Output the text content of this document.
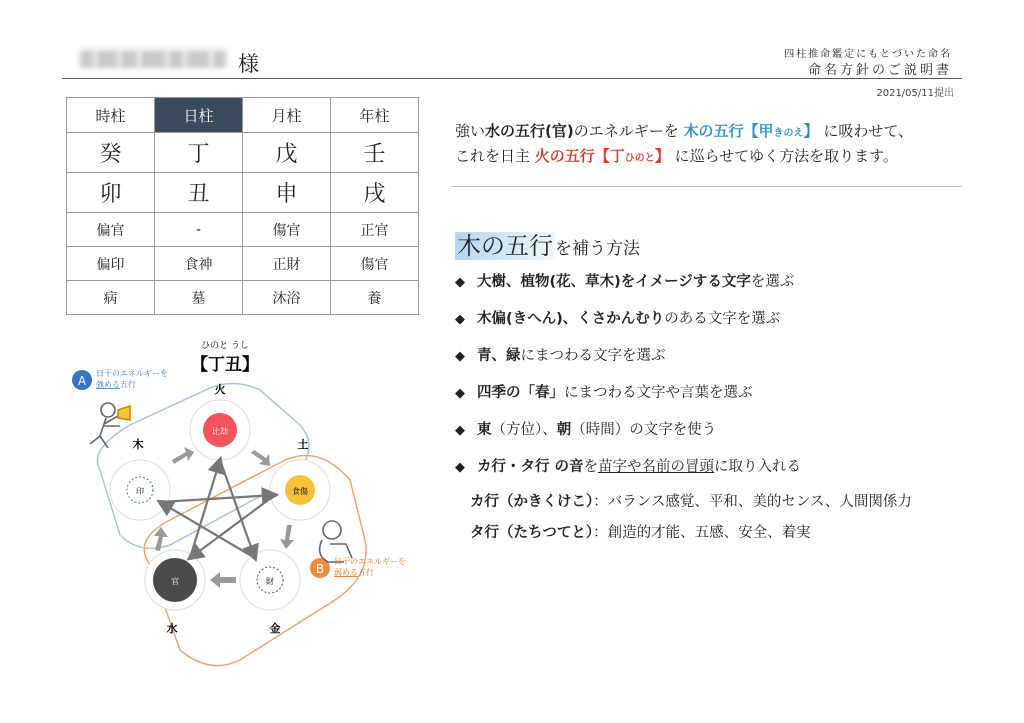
様	四柱推命鑑定にもとづいた命名
命名方針のご説明書
2021/05/11提出
時柱	日柱	月柱	年柱
癸	丁	戊	壬
卯	丑	申	戌
偏官	-	傷官	正官
偏印	食神	正財	傷官
病	墓	沐浴	養
ひのと うし
【丁丑】
A
日干のエネルギーを
強める五行
B
日干のエネルギーを
弱める五行
比劫
火
食傷
土
財
金
官
水
印
木
強い水の五行(官)のエネルギーを 木の五行【甲きのえ】 に吸わせて、
これを日主 火の五行【丁ひのと】 に巡らせてゆく方法を取ります。
木の五行 を補う方法
◆ 大樹、植物(花、草木)をイメージする文字を選ぶ
◆ 木偏(きへん)、くさかんむりのある文字を選ぶ
◆ 青、緑にまつわる文字を選ぶ
◆ 四季の「春」にまつわる文字や言葉を選ぶ
◆ 東（方位）、朝（時間）の文字を使う
◆ カ行・タ行 の音を苗字や名前の冒頭に取り入れる
カ行（かきくけこ）：バランス感覚、平和、美的センス、人間関係力
タ行（たちつてと）：創造的才能、五感、安全、着実
